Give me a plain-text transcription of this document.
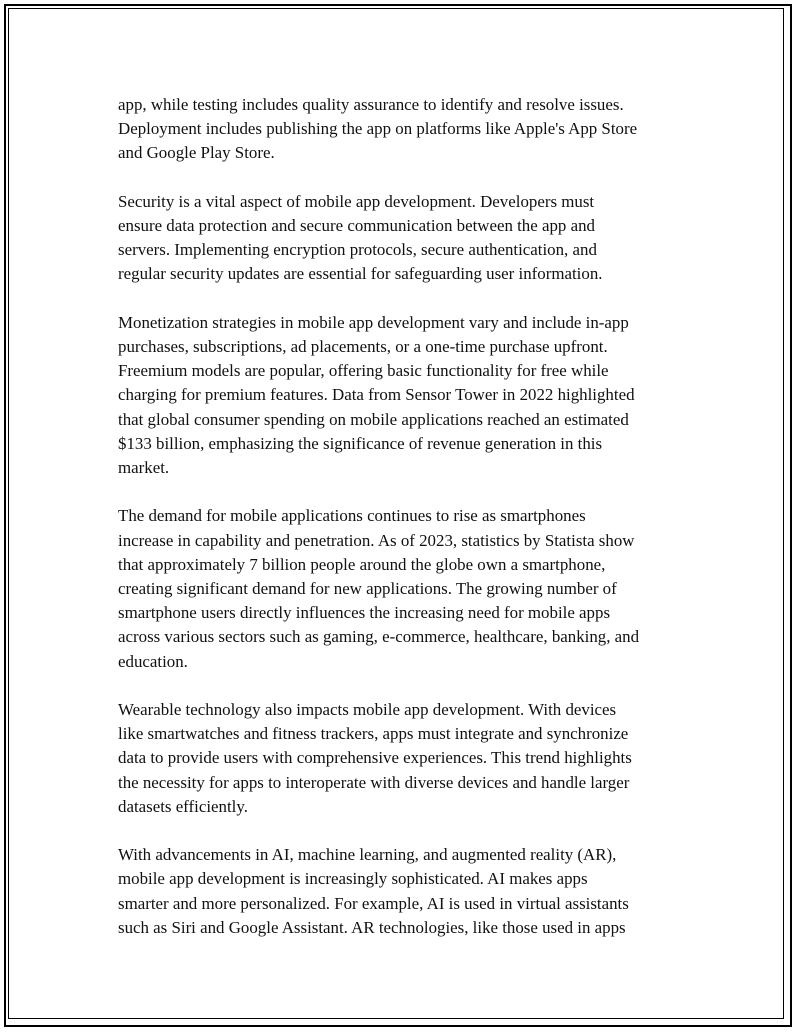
app, while testing includes quality assurance to identify and resolve issues.
Deployment includes publishing the app on platforms like Apple's App Store
and Google Play Store.

Security is a vital aspect of mobile app development. Developers must
ensure data protection and secure communication between the app and
servers. Implementing encryption protocols, secure authentication, and
regular security updates are essential for safeguarding user information.

Monetization strategies in mobile app development vary and include in-app
purchases, subscriptions, ad placements, or a one-time purchase upfront.
Freemium models are popular, offering basic functionality for free while
charging for premium features. Data from Sensor Tower in 2022 highlighted
that global consumer spending on mobile applications reached an estimated
$133 billion, emphasizing the significance of revenue generation in this
market.

The demand for mobile applications continues to rise as smartphones
increase in capability and penetration. As of 2023, statistics by Statista show
that approximately 7 billion people around the globe own a smartphone,
creating significant demand for new applications. The growing number of
smartphone users directly influences the increasing need for mobile apps
across various sectors such as gaming, e-commerce, healthcare, banking, and
education.

Wearable technology also impacts mobile app development. With devices
like smartwatches and fitness trackers, apps must integrate and synchronize
data to provide users with comprehensive experiences. This trend highlights
the necessity for apps to interoperate with diverse devices and handle larger
datasets efficiently.

With advancements in AI, machine learning, and augmented reality (AR),
mobile app development is increasingly sophisticated. AI makes apps
smarter and more personalized. For example, AI is used in virtual assistants
such as Siri and Google Assistant. AR technologies, like those used in apps
